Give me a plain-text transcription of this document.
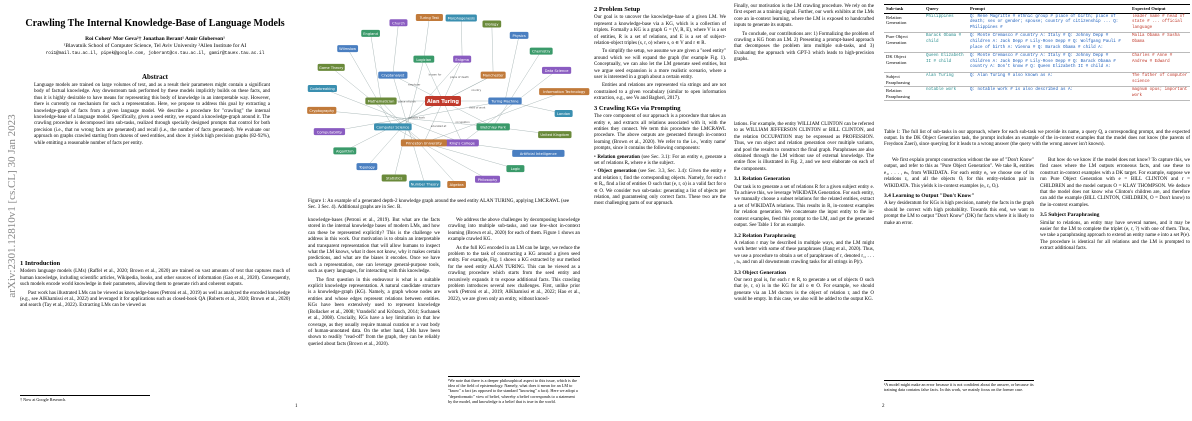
arXiv:2301.12810v1 [cs.CL] 30 Jan 2023
Crawling The Internal Knowledge-Base of Language Models
Roi Cohen¹ Mor Geva²† Jonathan Berant¹ Amir Globerson¹
¹Blavatnik School of Computer Science, Tel Aviv University ²Allen Institute for AI
roi1@mail.tau.ac.il, pipek@google.com, joberant@cs.tau.ac.il, gamir@tauex.tau.ac.il
Abstract
Language models are trained on large volumes of text, and as a result their parameters might contain a significant body of factual knowledge. Any downstream task performed by these models implicitly builds on these facts, and thus it is highly desirable to have means for representing this body of knowledge in an interpretable way. However, there is currently no mechanism for such a representation. Here, we propose to address this goal by extracting a knowledge-graph of facts from a given language model. We describe a procedure for "crawling" the internal knowledge-base of a language model. Specifically, given a seed entity, we expand a knowledge-graph around it. The crawling procedure is decomposed into sub-tasks, realized through specially designed prompts that control for both precision (i.e., that no wrong facts are generated) and recall (i.e., the number of facts generated). We evaluate our approach on graphs crawled starting from dozens of seed entities, and show it yields high precision graphs (82-92%), while emitting a reasonable number of facts per entity.
1 Introduction

Modern language models (LMs) (Raffel et al., 2020; Brown et al., 2020) are trained on vast amounts of text that captures much of human knowledge, including scientific articles, Wikipedia, books, and other sources of information (Gao et al., 2020). Consequently, such models encode world knowledge in their parameters, allowing them to generate rich and coherent outputs.

Past work has illustrated LMs can be viewed as knowledge-bases (Petroni et al., 2019) as well as analyzed the encoded knowledge (e.g., see AlKhamissi et al., 2022) and leveraged it for applications such as closed-book QA (Roberts et al., 2020; Brown et al., 2020) and search (Tay et al., 2022). Extracting LMs can be viewed as

† Now at Google Research.
Turing Machine
Bletchley Park
King's College
Princeton University
Computer Science
Mathematician
Cryptanalyst
Logician	Enigma
Manchester
London
United Kingdom
Artificial Intelligence
Logic
Philosophy
Algebra
Number Theory
Statistics
Topology
Algorithm
Computability
Cryptography
Codebreaking
Game Theory
Wilmslow
England
Church
Turing Test Morphogenesis
Biology
Physics
Chemistry
Data Science
Information Technology
Alan Turing
field of work
occupation
educated at
notable work
place of birth
employer
known for
place of death
country
Figure 1: An example of a generated depth-2 knowledge graph around the seed entity ALAN TURING, applying LMCRAWL (see Sec. 3 Sec. 4). Additional graphs are in Sec. B.

knowledge-bases (Petroni et al., 2019). But what are the facts stored in the internal knowledge bases of modern LMs, and how can these be represented explicitly? This is the challenge we address in this work. Our motivation is to obtain an interpretable and transparent representation that will allow humans to inspect what the LM knows, what it does not know, why it makes certain predictions, and what are the biases it encodes. Once we have such a representation, one can leverage general-purpose tools, such as query languages, for interacting with this knowledge.

The first question in this endeavour is what is a suitable explicit knowledge representation. A natural candidate structure is a knowledge-graph (KG). Namely, a graph whose nodes are entities and whose edges represent relations between entities. KGs have been extensively used to represent knowledge (Bollacker et al., 2008; Vrandečić and Krötzsch, 2014; Suchanek et al., 2008). Crucially, KGs have a key limitation in that low coverage, as they usually require manual curation or a vast body of human-annotated data. On the other hand, LMs have been shown to readily "read-off" from the graph, they can be reliably queried about facts (Brown et al., 2020).

We address the above challenges by decomposing knowledge crawling into multiple sub-tasks, and use few-shot in-context learning (Brown et al., 2020) for each of them. Figure 1 shows an example crawled KG.

As the full KG encoded in an LM can be large, we reduce the problem to the task of constructing a KG around a given seed entity. For example, Fig. 1 shows a KG extracted by our method for the seed entity ALAN TURING. This can be viewed as a crawling procedure which starts from the seed entity and recursively expands it to expose additional facts. This crawling problem introduces several new challenges. First, unlike prior work (Petroni et al., 2019; AlKhamissi et al., 2022; Hao et al., 2022), we are given only an entity, without knowl-

¹We note that there is a deeper philosophical aspect to this issue, which is the idea of the field of epistemology. Namely, what does it mean for an LM to "know" a fact (as opposed to the standard "knowing" a fact). Here we adopt a "deperformatic" view of belief, whereby a belief corresponds to a statement by the model, and knowledge is a belief that is true in the world.
1
2 Problem Setup

Our goal is to uncover the knowledge-base of a given LM. We represent a knowledge-base via a KG, which is a collection of triplets. Formally a KG is a graph G = (V, R, E), where V is a set of entities, R is a set of relations, and E is a set of subject-relation-object triples (s, r, o) where s, o ∈ V and r ∈ R.

To simplify the setup, we assume we are given a "seed entity" around which we will expand the graph (for example Fig. 1). Conceptually, we can also let the LM generate seed entities, but we argue seed expansion is a more realistic scenario, where a user is interested in a graph about a certain entity.

Entities and relations are represented via strings and are not constrained to a given vocabulary (similar to open information extraction, e.g., see Vo and Bagheri, 2017).

3 Crawling KGs via Prompting

The core component of our approach is a procedure that takes an entity e, and extracts all relations associated with it, with the entities they connect. We term this procedure the LMCRAWL procedure. The above outputs are generated through in-context learning (Brown et al., 2020). We refer to the i.e., 'entity name' prompts, since it contains the following components:

• Relation generation (see Sec. 3.1): For an entity e, generate a set of relations Rₑ where e is the subject.

• Object generation (see Sec. 3.3, Sec. 3.4): Given the entity e and relation r, find the corresponding objects. Namely, for each r ∈ Rₑ, find a list of entities O such that (e, r, o) is a valid fact for o ∈ O. We consider two sub-tasks: generating a list of objects per relation, and guaranteeing only correct facts. These two are the most challenging parts of our approach.

Finally, our motivation is the LM crawling procedure. We rely on the first expert as a training signal. Further, our work exhibits at the LMs core an in-context learning, where the LM is exposed to handcrafted inputs to generate its outputs.

To conclude, our contributions are: 1) Formalizing the problem of crawling a KG from an LM. 2) Presenting a prompt-based approach that decomposes the problem into multiple sub-tasks, and 3) Evaluating the approach with GPT-3 which leads to high-precision graphs.

Sub-task	Query	Prompt	Expected Output
Relation Generation	Philippines	Q: René Magritte # ethnic group # place of birth; place of death; sex or gender; spouse; country of citizenship ... Q: Philippines #	leader name # head of state # ... official language
Pure Object Generation	Barack Obama # child	Q: Monte Cremasco # country A: Italy # Q: Johnny Depp # children A: Jack Depp # Lily-Rose Depp # Q: Wolfgang Pauli # place of birth A: Vienna # Q: Barack Obama # child A:	Malia Obama # Sasha Obama
DK Object Generation	Queen Elizabeth II # child	Q: Monte Cremasco # country A: Italy # Q: Johnny Depp # children A: Jack Depp # Lily-Rose Depp # Q: Barack Obama # country A: Don't know # Q: Queen Elizabeth II # child A:	Charles # Anne # Andrew # Edward
Subject Paraphrasing	Alan Turing	Q: Alan Turing # also known as A:	The father of computer science
Relation Paraphrasing	notable work	Q: notable work # is also described as A:	magnum opus; important work
Table 1: The full list of sub-tasks in our approach, where for each sub-task we provide its name, a query Q, a corresponding prompt, and the expected output. In the DK Object Generation task, the prompt includes an example of the in-context examples that the model does not know (the parents of Freydoon Zaeri), since querying for it leads to a wrong answer (the query with the wrong answer isn't known).

We first explain prompt construction without the use of "Don't Know" output, and refer to this as "Pure Object Generation". We take Rₑ entities e₁, . . . , eₖ, from WIKIDATA. For each entity eᵢ, we choose one of its relations rᵢ, and all the objects Oᵢ for this entity-relation pair in WIKIDATA. This yields k in-context examples (eᵢ, rᵢ, Oᵢ).

3.4 Learning to Output "Don't Know"

A key desideratum for KGs is high precision, namely the facts in the graph should be correct with high probability. Towards this end, we want to prompt the LM to output "Don't Know" (DK) for facts where it is likely to make an error.

But how do we know if the model does not know? To capture this, we find cases where the LM outputs erroneous facts, and use these to construct in-context examples with a DK target. For example, suppose we run Pure Object Generation with e = BILL CLINTON and r = CHILDREN and the model outputs O = KLAY THOMPSON. We deduce that the model does not know who Clinton's children are, and therefore can add the example (BILL CLINTON, CHILDREN, O = Don't know) to the in-context examples.

3.5 Subject Paraphrasing

Similar to relations, an entity may have several names, and it may be easier for the LM to complete the triplet (e, r, ?) with one of them. Thus, we take a paraphrasing approach to extend an entity name e into a set P(e). The procedure is identical for all relations and the LM is prompted to extract additional facts.

²A model might make an error because it is not confident about the answer, or because its training data contains false facts. In this work, we mainly focus on the former case.

lations. For example, the entity WILLIAM CLINTON can be referred to as WILLIAM JEFFERSON CLINTON or BILL CLINTON, and the relation OCCUPATION may be expressed as PROFESSION. Thus, we run object and relation generation over multiple variants, and pool the results to construct the final graph. Paraphrases are also obtained through the LM without use of external knowledge. The entire flow is illustrated in Fig. 2, and we next elaborate on each of the components.

3.1 Relation Generation

Our task is to generate a set of relations R for a given subject entity e. To achieve this, we leverage WIKIDATA Generation. For each entity, we manually choose a subset relations for the related entities, extract a set of WIKIDATA relations. This results in R, in-context examples for relation generation. We concatenate the input entity to the in-context examples, feed this prompt to the LM, and get the generated output. See Table 1 for an example.

3.2 Relation Paraphrasing

A relation r may be described in multiple ways, and the LM might work better with some of these paraphrases (Jiang et al., 2020). Thus, we use a procedure to obtain a set of paraphrases of r, denoted r₁, . . . , rₖ, and run all downstream crawling tasks for all strings in P(r).

3.3 Object Generation

Our next goal is, for each r ∈ R, to generate a set of objects O such that (e, r, o) is in the KG for all o ∈ O. For example, we should generate via an LM doctors is the object of relation r, and the O would be empty. In this case, we also will be added to the output KG.

2
